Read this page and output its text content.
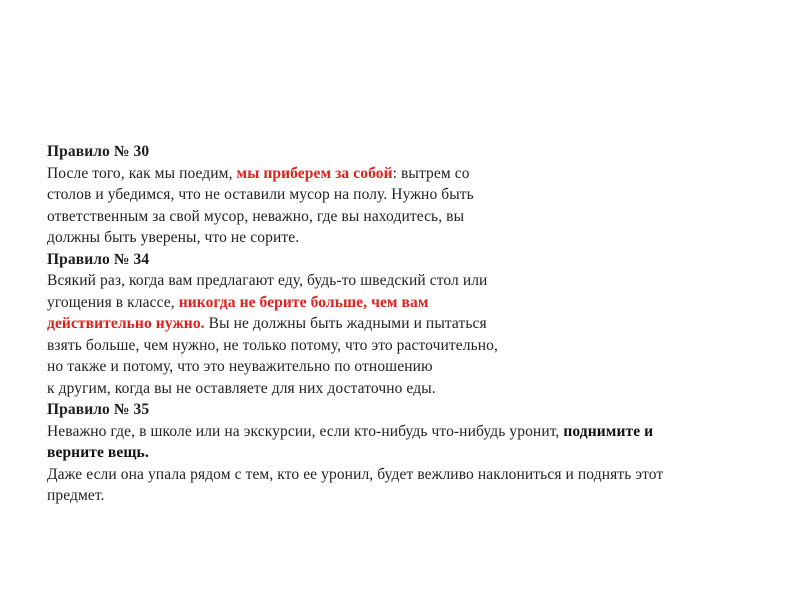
Правило № 30
После того, как мы поедим, мы приберем за собой: вытрем со
столов и убедимся, что не оставили мусор на полу. Нужно быть
ответственным за свой мусор, неважно, где вы находитесь, вы
должны быть уверены, что не сорите.
Правило № 34
Всякий раз, когда вам предлагают еду, будь-то шведский стол или
угощения в классе, никогда не берите больше, чем вам
действительно нужно. Вы не должны быть жадными и пытаться
взять больше, чем нужно, не только потому, что это расточительно,
но также и потому, что это неуважительно по отношению
к другим, когда вы не оставляете для них достаточно еды.
Правило № 35
Неважно где, в школе или на экскурсии, если кто-нибудь что-нибудь уронит, поднимите и
верните вещь.
Даже если она упала рядом с тем, кто ее уронил, будет вежливо наклониться и поднять этот
предмет.
